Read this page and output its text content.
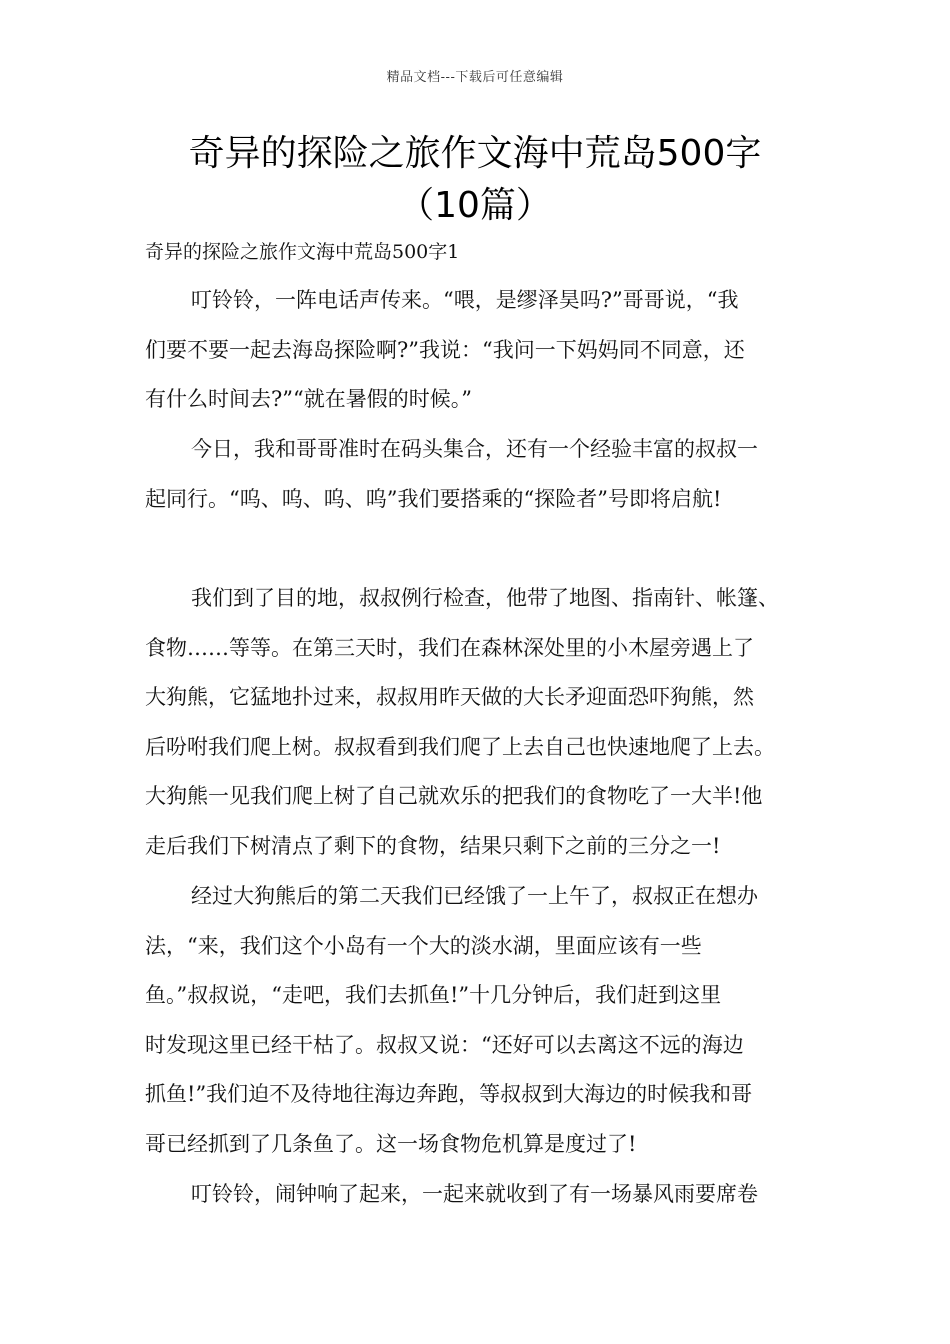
精品文档---下载后可任意编辑
奇异的探险之旅作文海中荒岛500字
（10篇）
奇异的探险之旅作文海中荒岛500字1
叮铃铃，一阵电话声传来。“喂，是缪泽昊吗?”哥哥说，“我
们要不要一起去海岛探险啊?”我说：“我问一下妈妈同不同意，还
有什么时间去?”“就在暑假的时候。”
今日，我和哥哥准时在码头集合，还有一个经验丰富的叔叔一
起同行。“呜、呜、呜、呜”我们要搭乘的“探险者”号即将启航!
我们到了目的地，叔叔例行检查，他带了地图、指南针、帐篷、
食物……等等。在第三天时，我们在森林深处里的小木屋旁遇上了
大狗熊，它猛地扑过来，叔叔用昨天做的大长矛迎面恐吓狗熊，然
后吩咐我们爬上树。叔叔看到我们爬了上去自己也快速地爬了上去。
大狗熊一见我们爬上树了自己就欢乐的把我们的食物吃了一大半!他
走后我们下树清点了剩下的食物，结果只剩下之前的三分之一!
经过大狗熊后的第二天我们已经饿了一上午了，叔叔正在想办
法，“来，我们这个小岛有一个大的淡水湖，里面应该有一些
鱼。”叔叔说，“走吧，我们去抓鱼!”十几分钟后，我们赶到这里
时发现这里已经干枯了。叔叔又说：“还好可以去离这不远的海边
抓鱼!”我们迫不及待地往海边奔跑，等叔叔到大海边的时候我和哥
哥已经抓到了几条鱼了。这一场食物危机算是度过了!
叮铃铃，闹钟响了起来，一起来就收到了有一场暴风雨要席卷
